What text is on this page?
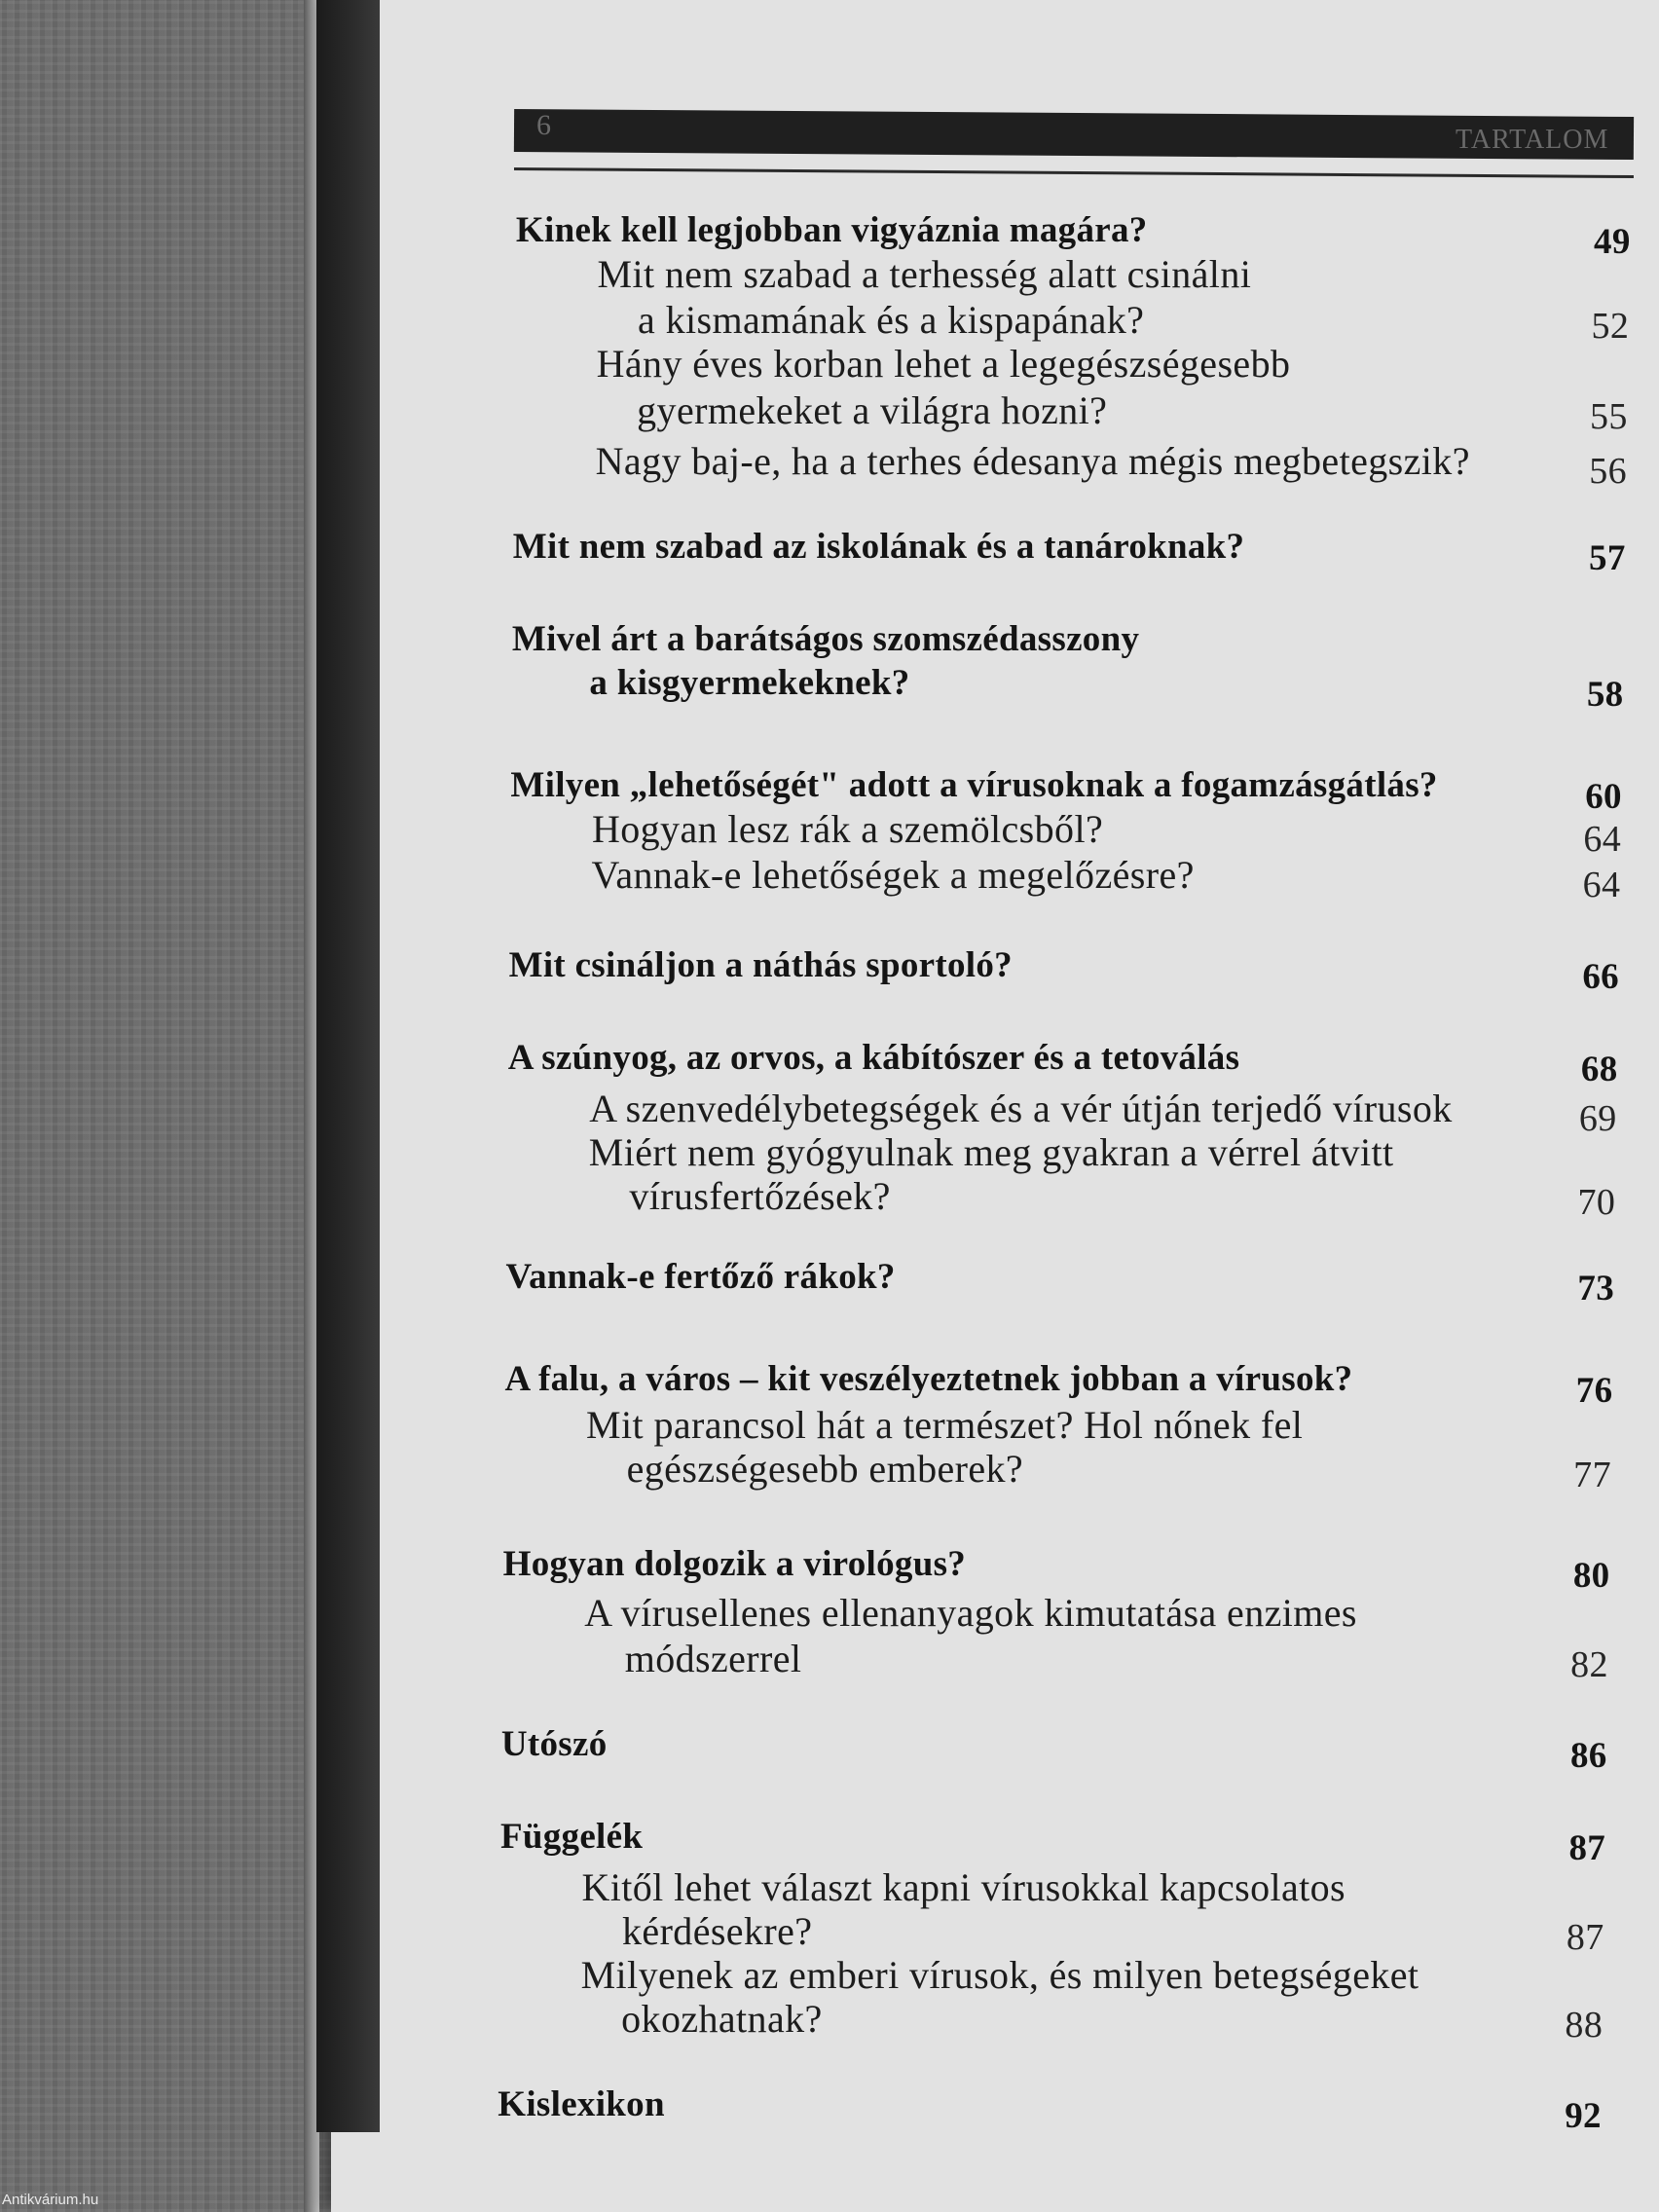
6	TARTALOM
Kinek kell legjobban vigyáznia magára?	49
Mit nem szabad a terhesség alatt csinálni
a kismamának és a kispapának?	52
Hány éves korban lehet a legegészségesebb
gyermekeket a világra hozni?	55
Nagy baj-e, ha a terhes édesanya mégis megbetegszik?	56
Mit nem szabad az iskolának és a tanároknak?	57
Mivel árt a barátságos szomszédasszony
a kisgyermekeknek?	58
Milyen „lehetőségét" adott a vírusoknak a fogamzásgátlás?	60
Hogyan lesz rák a szemölcsből?	64
Vannak-e lehetőségek a megelőzésre?	64
Mit csináljon a náthás sportoló?	66
A szúnyog, az orvos, a kábítószer és a tetoválás	68
A szenvedélybetegségek és a vér útján terjedő vírusok	69
Miért nem gyógyulnak meg gyakran a vérrel átvitt
vírusfertőzések?	70
Vannak-e fertőző rákok?	73
A falu, a város – kit veszélyeztetnek jobban a vírusok?	76
Mit parancsol hát a természet? Hol nőnek fel
egészségesebb emberek?	77
Hogyan dolgozik a virológus?	80
A vírusellenes ellenanyagok kimutatása enzimes
módszerrel	82
Utószó	86
Függelék	87
Kitől lehet választ kapni vírusokkal kapcsolatos
kérdésekre?	87
Milyenek az emberi vírusok, és milyen betegségeket
okozhatnak?	88
Kislexikon	92
Antikvárium.hu
